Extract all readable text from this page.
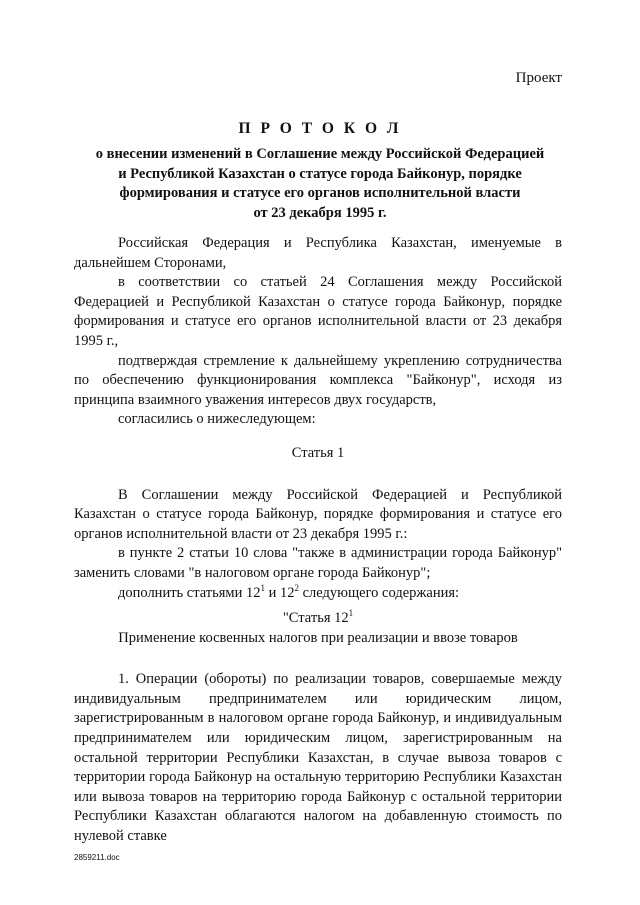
Проект
П Р О Т О К О Л
о внесении изменений в Соглашение между Российской Федерацией
и Республикой Казахстан о статусе города Байконур, порядке
формирования и статусе его органов исполнительной власти
от 23 декабря 1995 г.

Российская Федерация и Республика Казахстан, именуемые в дальнейшем Сторонами,

в соответствии со статьей 24 Соглашения между Российской Федерацией и Республикой Казахстан о статусе города Байконур, порядке формирования и статусе его органов исполнительной власти от 23 декабря 1995 г.,

подтверждая стремление к дальнейшему укреплению сотрудничества по обеспечению функционирования комплекса "Байконур", исходя из принципа взаимного уважения интересов двух государств,

согласились о нижеследующем:

Статья 1

В Соглашении между Российской Федерацией и Республикой Казахстан о статусе города Байконур, порядке формирования и статусе его органов исполнительной власти от 23 декабря 1995 г.:

в пункте 2 статьи 10 слова "также в администрации города Байконур" заменить словами "в налоговом органе города Байконур";

дополнить статьями $12^1$ и $12^2$ следующего содержания:

"Статья $12^1$

Применение косвенных налогов при реализации и ввозе товаров

1. Операции (обороты) по реализации товаров, совершаемые между индивидуальным предпринимателем или юридическим лицом, зарегистрированным в налоговом органе города Байконур, и индивидуальным предпринимателем или юридическим лицом, зарегистрированным на остальной территории Республики Казахстан, в случае вывоза товаров с территории города Байконур на остальную территорию Республики Казахстан или вывоза товаров на территорию города Байконур с остальной территории Республики Казахстан облагаются налогом на добавленную стоимость по нулевой ставке

2859211.doc
